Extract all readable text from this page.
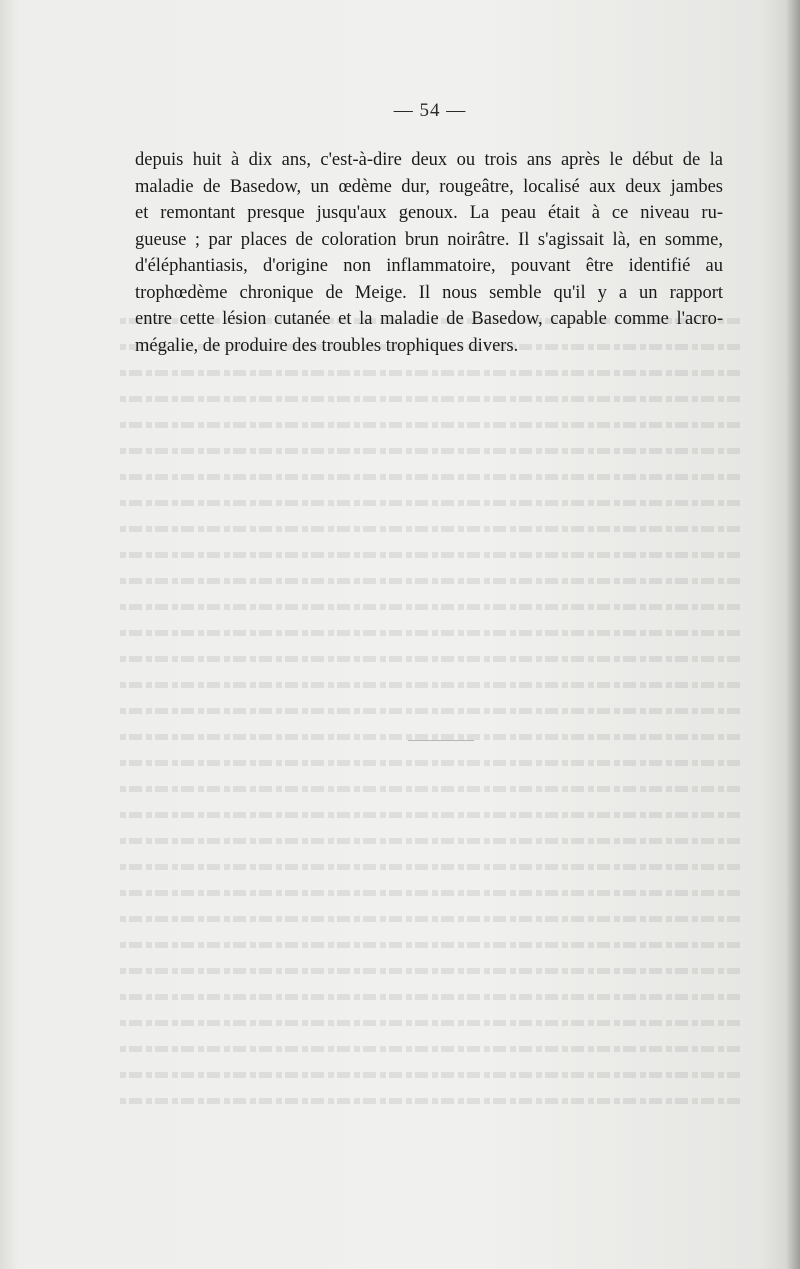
— 54 —
depuis huit à dix ans, c'est-à-dire deux ou trois ans après le début de la
maladie de Basedow, un œdème dur, rougeâtre, localisé aux deux jambes
et remontant presque jusqu'aux genoux. La peau était à ce niveau ru-
gueuse ; par places de coloration brun noirâtre. Il s'agissait là, en somme,
d'éléphantiasis, d'origine non inflammatoire, pouvant être identifié au
trophœdème chronique de Meige. Il nous semble qu'il y a un rapport
entre cette lésion cutanée et la maladie de Basedow, capable comme l'acro-
mégalie, de produire des troubles trophiques divers.
